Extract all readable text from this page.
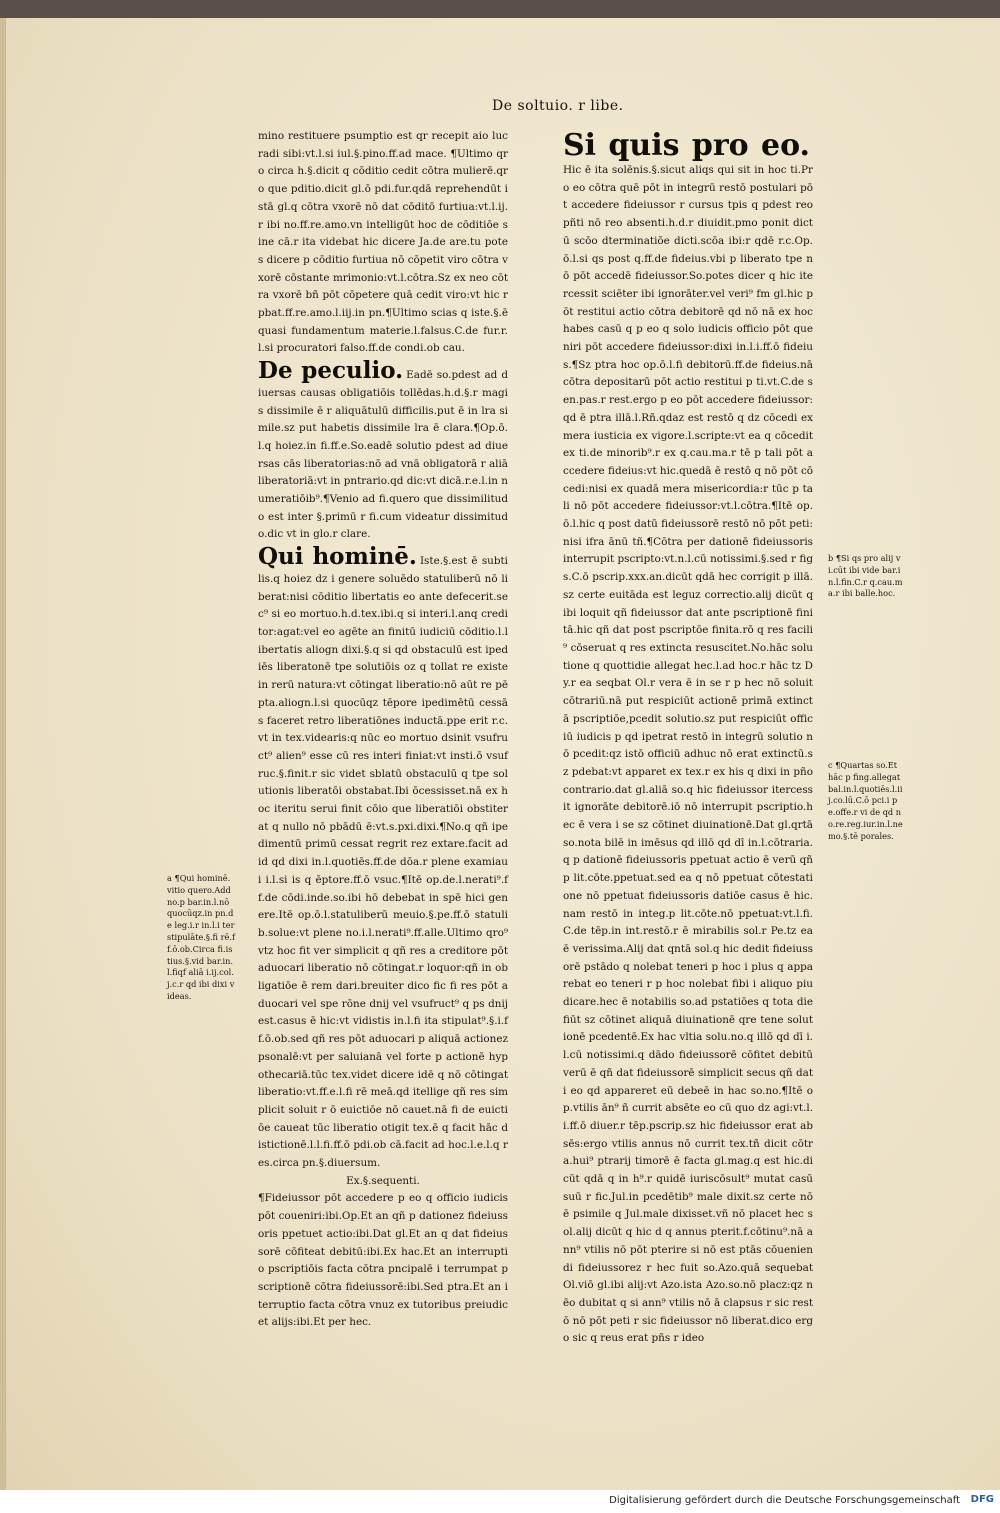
De soltuio. r libe.

mino restituere psumptio est qr recepit aio lucradi sibi:vt.l.si iul.§.pino.ff.ad mace. ¶Ultimo qro circa h.§.dicit q cōditio cedit cōtra mulierē.qro que pditio.dicit gl.ō pdi.fur.qdā reprehendūt istā gl.q cōtra vxorē nō dat cōditō furtiua:vt.l.ij.r ibi no.ff.re.amo.vn intelligūt hoc de cōditiōe sine cā.r ita videbat hic dicere Ja.de are.tu potes dicere p cōditio furtiua nō cōpetit viro cōtra vxorē cōstante mrimonio:vt.l.cōtra.Sz ex neo cōtra vxorē bñ pōt cōpetere quā cedit viro:vt hic r pbat.ff.re.amo.l.iij.in pn.¶Ultimo scias q iste.§.ē quasi fundamentum materie.l.falsus.C.de fur.r.l.si procuratori falso.ff.de condi.ob cau.

De peculio. Eadē so.pdest ad diuersas causas obligatiōis tollēdas.h.d.§.r magis dissimile ē r aliquātulū difficilis.put ē in lra simile.sz put habetis dissimile lra ē clara.¶Op.ō.l.q hoiez.in fi.ff.e.So.eadē solutio pdest ad diuersas cās liberatorias:nō ad vnā obligatorā r aliā liberatoriā:vt in pntrario.qd dic:vt dicā.r.e.l.in numeratiōib⁹.¶Venio ad fi.quero que dissimilitudo est inter §.primū r fi.cum videatur dissimitudo.dic vt in glo.r clare.

Qui hominē. Iste.§.est ē subtilis.q hoiez dz i genere soluēdo statuliberū nō liberat:nisi cōditio libertatis eo ante defecerit.sec⁹ si eo mortuo.h.d.tex.ibi.q si interi.l.anq creditor:agat:vel eo agēte an finitū iudiciū cōditio.l.libertatis aliogn dixi.§.q si qd obstaculū est ipediēs liberatonē tpe solutiōis oz q tollat re existe in rerū natura:vt cōtingat liberatio:nō aūt re pēpta.aliogn.l.si quocūqz tēpore ipedimētū cessās faceret retro liberatiōnes inductā.ppe erit r.c.vt in tex.videaris:q nūc eo mortuo dsinit vsufruct⁹ alien⁹ esse cū res interi finiat:vt insti.ō vsufruc.§.finit.r sic videt sblatū obstaculū q tpe solutionis liberatōi obstabat.Ibi ōcessisset.nā ex hoc iteritu serui finit cōio que liberatiōi obstiterat q nullo nō pbādū ē:vt.s.pxi.dixi.¶No.q qñ ipedimentū primū cessat regrit rez extare.facit ad id qd dixi in.l.quotiēs.ff.de dōa.r plene examiaui i.l.si is q ēptore.ff.ō vsuc.¶Itē op.de.l.nerati⁹.ff.de cōdi.inde.so.ibi hō debebat in spē hici genere.Itē op.ō.l.statuliberū meuio.§.pe.ff.ō statulib.solue:vt plene no.i.l.nerati⁹.ff.alle.Ultimo qro⁹ vtz hoc fit ver simplicit q qñ res a creditore pōt aduocari liberatio nō cōtingat.r loquor:qñ in obligatiōe ē rem dari.breuiter dico fic fi res pōt aduocari vel spe rōne dnij vel vsufruct⁹ q ps dnij est.casus ē hic:vt vidistis in.l.fi ita stipulat⁹.§.i.ff.ō.ob.sed qñ res pōt aduocari p aliquā actionez psonalē:vt per saluianā vel forte p actionē hypothecariā.tūc tex.videt dicere idē q nō cōtingat liberatio:vt.ff.e.l.fi rē meā.qd itellige qñ res simplicit soluit r ō euictiōe nō cauet.nā fi de euictiōe caueat tūc liberatio otigit tex.ē q facit hāc distictionē.l.l.fi.ff.ō pdi.ob cā.facit ad hoc.l.e.l.q res.circa pn.§.diuersum.

Ex.§.sequenti.

¶Fideiussor pōt accedere p eo q officio iudicis pōt coueniri:ibi.Op.Et an qñ p dationez fideiussoris ppetuet actio:ibi.Dat gl.Et an q dat fideiussorē cōfiteat debitū:ibi.Ex hac.Et an interruptio pscriptiōis facta cōtra pncipalē i terrumpat pscriptionē cōtra fideiussorē:ibi.Sed ptra.Et an iterruptio facta cōtra vnuz ex tutoribus preiudicet alijs:ibi.Et per hec.

Si quis pro eo.Hic ē ita solēnis.§.sicut aliqs qui sit in hoc ti.Pro eo cōtra quē pōt in integrū restō postulari pōt accedere fideiussor r cursus tpis q pdest reo pñti nō reo absenti.h.d.r diuidit.pmo ponit dictū scōo dterminatiōe dicti.scōa ibi:r qdē r.c.Op.ō.l.si qs post q.ff.de fideius.vbi p liberato tpe nō pōt accedē fideiussor.So.potes dicer q hic itercessit sciēter ibi ignorāter.vel veri⁹ fm gl.hic pōt restitui actio cōtra debitorē qd nō nā ex hoc habes casū q p eo q solo iudicis officio pōt queniri pōt accedere fideiussor:dixi in.l.i.ff.ō fideius.¶Sz ptra hoc op.ō.l.fi debitorū.ff.de fideius.nā cōtra depositarū pōt actio restitui p ti.vt.C.de sen.pas.r rest.ergo p eo pōt accedere fideiussor:qd ē ptra illā.l.Rñ.qdaz est restō q dz cōcedi ex mera iusticia ex vigore.l.scripte:vt ea q cōcedit ex ti.de minorib⁹.r ex q.cau.ma.r tē p tali pōt accedere fideius:vt hic.quedā ē restō q nō pōt cōcedi:nisi ex quadā mera misericordia:r tūc p tali nō pōt accedere fideiussor:vt.l.cōtra.¶Itē op.ō.l.hic q post datū fideiussorē restō nō pōt peti:nisi ifra ānū tñ.¶Cōtra per dationē fideiussoris interrupit pscripto:vt.n.l.cū notissimi.§.sed r figs.C.ō pscrip.xxx.an.dicūt qdā hec corrigit p illā.sz certe euitāda est leguz correctio.alij dicūt q ibi loquit qñ fideiussor dat ante pscriptionē finitā.hic qñ dat post pscriptōe finita.rō q res facili⁹ cōseruat q res extincta resuscitet.No.hāc solutione q quottidie allegat hec.l.ad hoc.r hāc tz Dy.r ea seqbat Ol.r vera ē in se r p hec nō soluit cōtrariū.nā put respiciūt actionē primā extinctā pscriptiōe,pcedit solutio.sz put respiciūt officiū iudicis p qd ipetrat restō in integrū solutio nō pcedit:qz istō officiū adhuc nō erat extinctū.sz pdebat:vt apparet ex tex.r ex his q dixi in pño contrario.dat gl.aliā so.q hic fideiussor itercessit ignorāte debitorē.iō nō interrupit pscriptio.hec ē vera i se sz cōtinet diuinationē.Dat gl.qrtā so.nota bilē in imēsus qd illō qd dī in.l.cōtraria.q p dationē fideiussoris ppetuat actio ē verū qñ p lit.cōte.ppetuat.sed ea q nō ppetuat cōtestatione nō ppetuat fideiussoris datiōe casus ē hic.nam restō in integ.p lit.cōte.nō ppetuat:vt.l.fi.C.de tēp.in int.restō.r ē mirabilis sol.r Pe.tz ea ē verissima.Alij dat qntā sol.q hic dedit fideiussorē pstādo q nolebat teneri p hoc i plus q apparebat eo teneri r p hoc nolebat fibi i aliquo piudicare.hec ē notabilis so.ad pstatiōes q tota die fiūt sz cōtinet aliquā diuinationē qre tene solutionē pcedentē.Ex hac vltia solu.no.q illō qd dī i.l.cū notissimi.q dādo fideiussorē cōfitet debitū verū ē qñ dat fideiussorē simplicit secus qñ dat i eo qd appareret eū debeē in hac so.no.¶Itē op.vtilis ān⁹ ñ currit absēte eo cū quo dz agi:vt.l.i.ff.ō diuer.r tēp.pscrip.sz hic fideiussor erat absēs:ergo vtilis annus nō currit tex.tñ dicit cōtra.hui⁹ ptrarij timorē ē facta gl.mag.q est hic.dicūt qdā q in h⁹.r quidē iuriscōsult⁹ mutat casū suū r fic.Jul.in pcedētib⁹ male dixit.sz certe nō ē psimile q Jul.male dixisset.vñ nō placet hec sol.alij dicūt q hic d q annus pterit.f.cōtinu⁹.nā ann⁹ vtilis nō pōt pterire si nō est ptās cōueniendi fideiussorez r hec fuit so.Azo.quā sequebat Ol.viō gl.ibi alij:vt Azo.ista Azo.so.nō placz:qz nēo dubitat q si ann⁹ vtilis nō ā clapsus r sic restō nō pōt peti r sic fideiussor nō liberat.dico ergo sic q reus erat pñs r ideo

a ¶Qui hominē. vitio quero.Add no.p bar.in.l.nō quocūqz.in pn.de leg.i.r in.l.i ter stipulāte.§.fi rē.ff.ō.ob.Circa fi.istius.§.vid bar.in.l.fiqf aliā i.ij.col.j.c.r qd ibi dixi videas.
b ¶Si qs pro alij vi.cūt ibi vide bar.in.l.fin.C.r q.cau.ma.r ibi balle.hoc.
c ¶Quartas so.Et hāc p fing.allegat bal.in.l.quotiēs.l.iij.co.lū.C.ō pci.i pe.offe.r vi de qd no.re.reg.iur.in.l.nemo.§.tē porales.
Digitalisierung gefördert durch die Deutsche Forschungsgemeinschaft DFG
